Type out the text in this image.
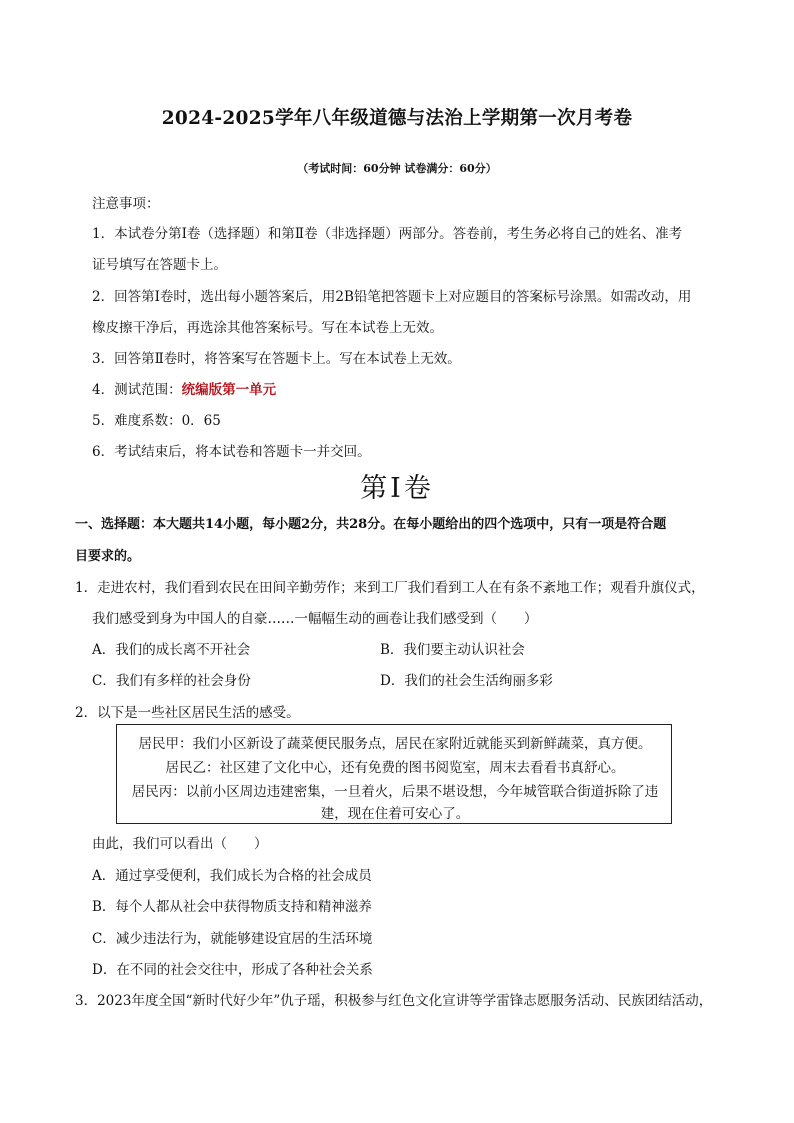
2024-2025学年八年级道德与法治上学期第一次月考卷
（考试时间：60分钟 试卷满分：60分）
注意事项：
1．本试卷分第Ⅰ卷（选择题）和第Ⅱ卷（非选择题）两部分。答卷前，考生务必将自己的姓名、准考
证号填写在答题卡上。
2．回答第Ⅰ卷时，选出每小题答案后，用2B铅笔把答题卡上对应题目的答案标号涂黑。如需改动，用
橡皮擦干净后，再选涂其他答案标号。写在本试卷上无效。
3．回答第Ⅱ卷时，将答案写在答题卡上。写在本试卷上无效。
4．测试范围：统编版第一单元
5．难度系数：0．65
6．考试结束后，将本试卷和答题卡一并交回。
第Ⅰ卷
一、选择题：本大题共14小题，每小题2分，共28分。在每小题给出的四个选项中，只有一项是符合题
目要求的。
1．走进农村，我们看到农民在田间辛勤劳作；来到工厂我们看到工人在有条不紊地工作；观看升旗仪式，
我们感受到身为中国人的自豪……一幅幅生动的画卷让我们感受到（　　）
A．我们的成长离不开社会	B．我们要主动认识社会
C．我们有多样的社会身份	D．我们的社会生活绚丽多彩
2．以下是一些社区居民生活的感受。
居民甲：我们小区新设了蔬菜便民服务点，居民在家附近就能买到新鲜蔬菜，真方便。
居民乙：社区建了文化中心，还有免费的图书阅览室，周末去看看书真舒心。
居民丙：以前小区周边违建密集，一旦着火，后果不堪设想，今年城管联合街道拆除了违
建，现在住着可安心了。
由此，我们可以看出（　　）
A．通过享受便利，我们成长为合格的社会成员
B．每个人都从社会中获得物质支持和精神滋养
C．减少违法行为，就能够建设宜居的生活环境
D．在不同的社会交往中，形成了各种社会关系
3．2023年度全国“新时代好少年”仇子瑶，积极参与红色文化宣讲等学雷锋志愿服务活动、民族团结活动，
